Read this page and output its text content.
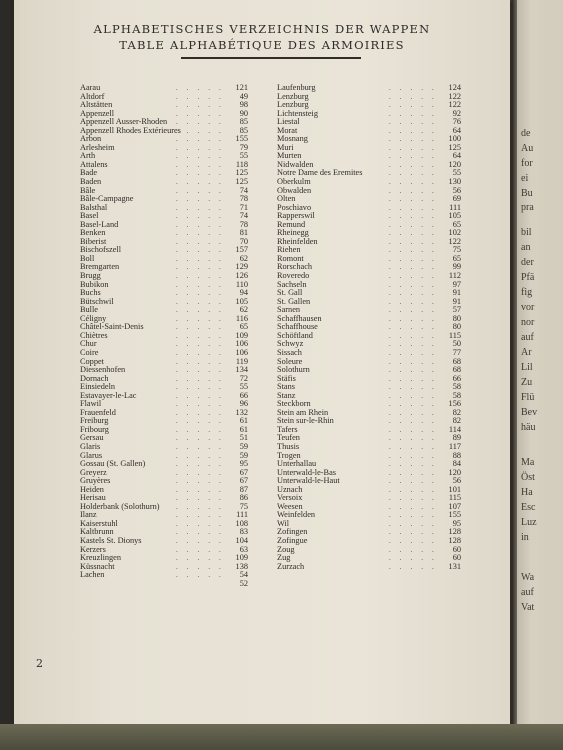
de
Au
for
ei
Bu
pra
bil
an
der
Pfä
fig
vor
nor
auf
Ar
Lil
Zu
Flü
Bev
häu
Ma
Öst
Ha
Esc
Luz
in
Wa
auf
Vat
ALPHABETISCHES VERZEICHNIS DER WAPPEN
TABLE ALPHABÉTIQUE DES ARMOIRIES
Aarau	..... 121
Altdorf	.....	49
Altstätten	.....	98
Appenzell	.....	90
Appenzell Ausser-Rhoden .....	85
Appenzell Rhodes Extérieures
.....	85
Arbon	..... 155
Arlesheim	.....	79
Arth	.....	55
Attalens	..... 118
Bade	..... 125
Baden	..... 125
Bâle	.....	74
Bâle-Campagne	.....	78
Balsthal	.....	71
Basel	.....	74
Basel-Land	.....	78
Benken	.....	81
Biberist	.....	70
Bischofszell	..... 157
Boll	.....	62
Bremgarten	..... 129
Brugg	..... 126
Bubikon	..... 110
Buchs	.....	94
Bütschwil	..... 105
Bulle	.....	62
Céligny	..... 116
Châtel-Saint-Denis	.....	65
Chiètres	..... 109
Chur	..... 106
Coire	..... 106
Coppet	..... 119
Diessenhofen	..... 134
Dornach	.....	72
Einsiedeln	.....	55
Estavayer-le-Lac	.....	66
Flawil	.....	96
Frauenfeld	..... 132
Freiburg	.....	61
Fribourg	.....	61
Gersau	.....	51
Glaris	.....	59
Glarus	.....	59
Gossau (St. Gallen)	.....	95
Greyerz	.....	67
Gruyères	.....	67
Heiden	.....	87
Herisau	.....	86
Holderbank (Solothurn) .....	75
Ilanz	..... 111
Kaiserstuhl	..... 108
Kaltbrunn	.....	83
Kastels St. Dionys	..... 104
Kerzers	.....	63
Kreuzlingen	..... 109
Küssnacht	..... 138
Lachen	.....	54
52
Laufenburg	..... 124
Lenzburg	..... 122
Lenzburg	..... 122
Lichtensteig	.....	92
Liestal	.....	76
Morat	.....	64
Mosnang	..... 100
Muri	..... 125
Murten	.....	64
Nidwalden	..... 120
Notre Dame des Eremites	.....	55
Oberkulm	..... 130
Obwalden	.....	56
Olten	.....	69
Poschiavo	..... 111
Rapperswil	..... 105
Remund	.....	65
Rheinegg	..... 102
Rheinfelden	..... 122
Riehen	.....	75
Romont	.....	65
Rorschach	.....	99
Roveredo	..... 112
Sachseln	.....	97
St. Gall	.....	91
St. Gallen	.....	91
Sarnen	.....	57
Schaffhausen	.....	80
Schaffhouse	.....	80
Schöftland	..... 115
Schwyz	.....	50
Sissach	.....	77
Soleure	.....	68
Solothurn	.....	68
Stäfis	.....	66
Stans	.....	58
Stanz	.....	58
Steckborn	..... 156
Stein am Rhein	.....	82
Stein sur-le-Rhin	.....	82
Tafers	..... 114
Teufen	.....	89
Thusis	..... 117
Trogen	.....	88
Unterhallau	.....	84
Unterwald-le-Bas	..... 120
Unterwald-le-Haut	.....	56
Uznach	..... 101
Versoix	..... 115
Weesen	..... 107
Weinfelden	..... 155
Wil	.....	95
Zofingen	..... 128
Zofingue	..... 128
Zoug	.....	60
Zug	.....	60
Zurzach	..... 131
2
